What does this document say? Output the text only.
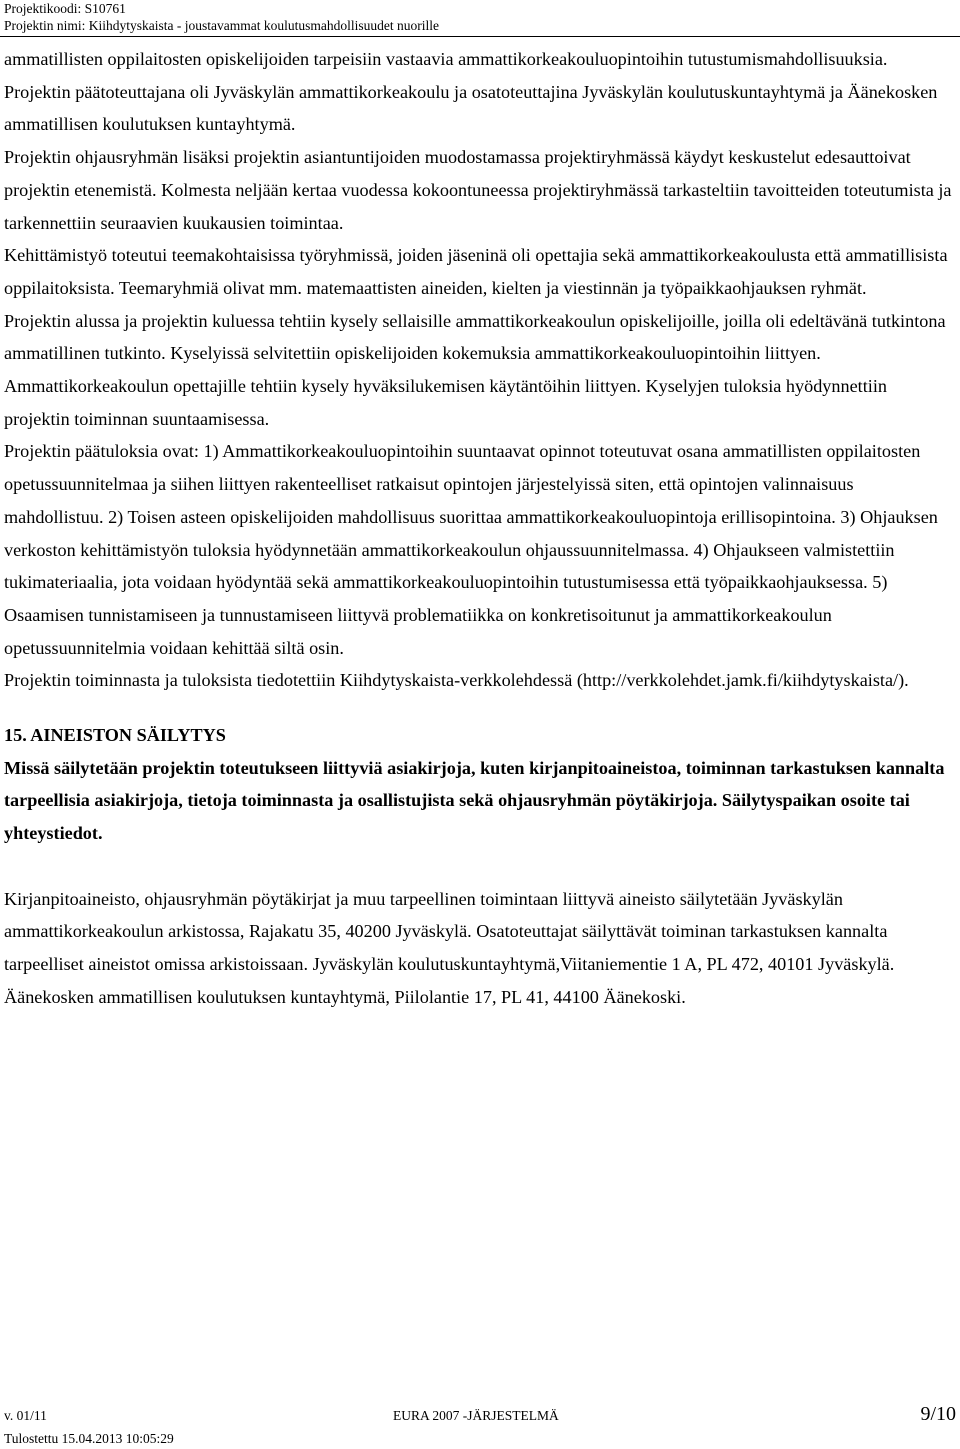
Projektikoodi: S10761
Projektin nimi: Kiihdytyskaista - joustavammat koulutusmahdollisuudet nuorille

ammatillisten oppilaitosten opiskelijoiden tarpeisiin vastaavia ammattikorkeakouluopintoihin tutustumismahdollisuuksia.

Projektin päätoteuttajana oli Jyväskylän ammattikorkeakoulu ja osatoteuttajina Jyväskylän koulutuskuntayhtymä ja Äänekosken ammatillisen koulutuksen kuntayhtymä.

Projektin ohjausryhmän lisäksi projektin asiantuntijoiden muodostamassa projektiryhmässä käydyt keskustelut edesauttoivat projektin etenemistä. Kolmesta neljään kertaa vuodessa kokoontuneessa projektiryhmässä tarkasteltiin tavoitteiden toteutumista ja tarkennettiin seuraavien kuukausien toimintaa.

Kehittämistyö toteutui teemakohtaisissa työryhmissä, joiden jäseninä oli opettajia sekä ammattikorkeakoulusta että ammatillisista oppilaitoksista. Teemaryhmiä olivat mm. matemaattisten aineiden, kielten ja viestinnän ja työpaikkaohjauksen ryhmät.

Projektin alussa ja projektin kuluessa tehtiin kysely sellaisille ammattikorkeakoulun opiskelijoille, joilla oli edeltävänä tutkintona ammatillinen tutkinto. Kyselyissä selvitettiin opiskelijoiden kokemuksia ammattikorkeakouluopintoihin liittyen. Ammattikorkeakoulun opettajille tehtiin kysely hyväksilukemisen käytäntöihin liittyen. Kyselyjen tuloksia hyödynnettiin projektin toiminnan suuntaamisessa.

Projektin päätuloksia ovat: 1) Ammattikorkeakouluopintoihin suuntaavat opinnot toteutuvat osana ammatillisten oppilaitosten opetussuunnitelmaa ja siihen liittyen rakenteelliset ratkaisut opintojen järjestelyissä siten, että opintojen valinnaisuus mahdollistuu. 2) Toisen asteen opiskelijoiden mahdollisuus suorittaa ammattikorkeakouluopintoja erillisopintoina. 3) Ohjauksen verkoston kehittämistyön tuloksia hyödynnetään ammattikorkeakoulun ohjaussuunnitelmassa. 4) Ohjaukseen valmistettiin tukimateriaalia, jota voidaan hyödyntää sekä ammattikorkeakouluopintoihin tutustumisessa että työpaikkaohjauksessa. 5) Osaamisen tunnistamiseen ja tunnustamiseen liittyvä problematiikka on konkretisoitunut ja ammattikorkeakoulun opetussuunnitelmia voidaan kehittää siltä osin.

Projektin toiminnasta ja tuloksista tiedotettiin Kiihdytyskaista-verkkolehdessä (http://verkkolehdet.jamk.fi/kiihdytyskaista/).

15. AINEISTON SÄILYTYS

Missä säilytetään projektin toteutukseen liittyviä asiakirjoja, kuten kirjanpitoaineistoa, toiminnan tarkastuksen kannalta tarpeellisia asiakirjoja, tietoja toiminnasta ja osallistujista sekä ohjausryhmän pöytäkirjoja. Säilytyspaikan osoite tai yhteystiedot.

Kirjanpitoaineisto, ohjausryhmän pöytäkirjat ja muu tarpeellinen toimintaan liittyvä aineisto säilytetään Jyväskylän ammattikorkeakoulun arkistossa, Rajakatu 35, 40200 Jyväskylä. Osatoteuttajat säilyttävät toiminan tarkastuksen kannalta tarpeelliset aineistot omissa arkistoissaan. Jyväskylän koulutuskuntayhtymä,Viitaniementie 1 A, PL 472, 40101 Jyväskylä. Äänekosken ammatillisen koulutuksen kuntayhtymä, Piilolantie 17, PL 41, 44100 Äänekoski.

v. 01/11
Tulostettu 15.04.2013 10:05:29
EURA 2007 -JÄRJESTELMÄ	9/10
